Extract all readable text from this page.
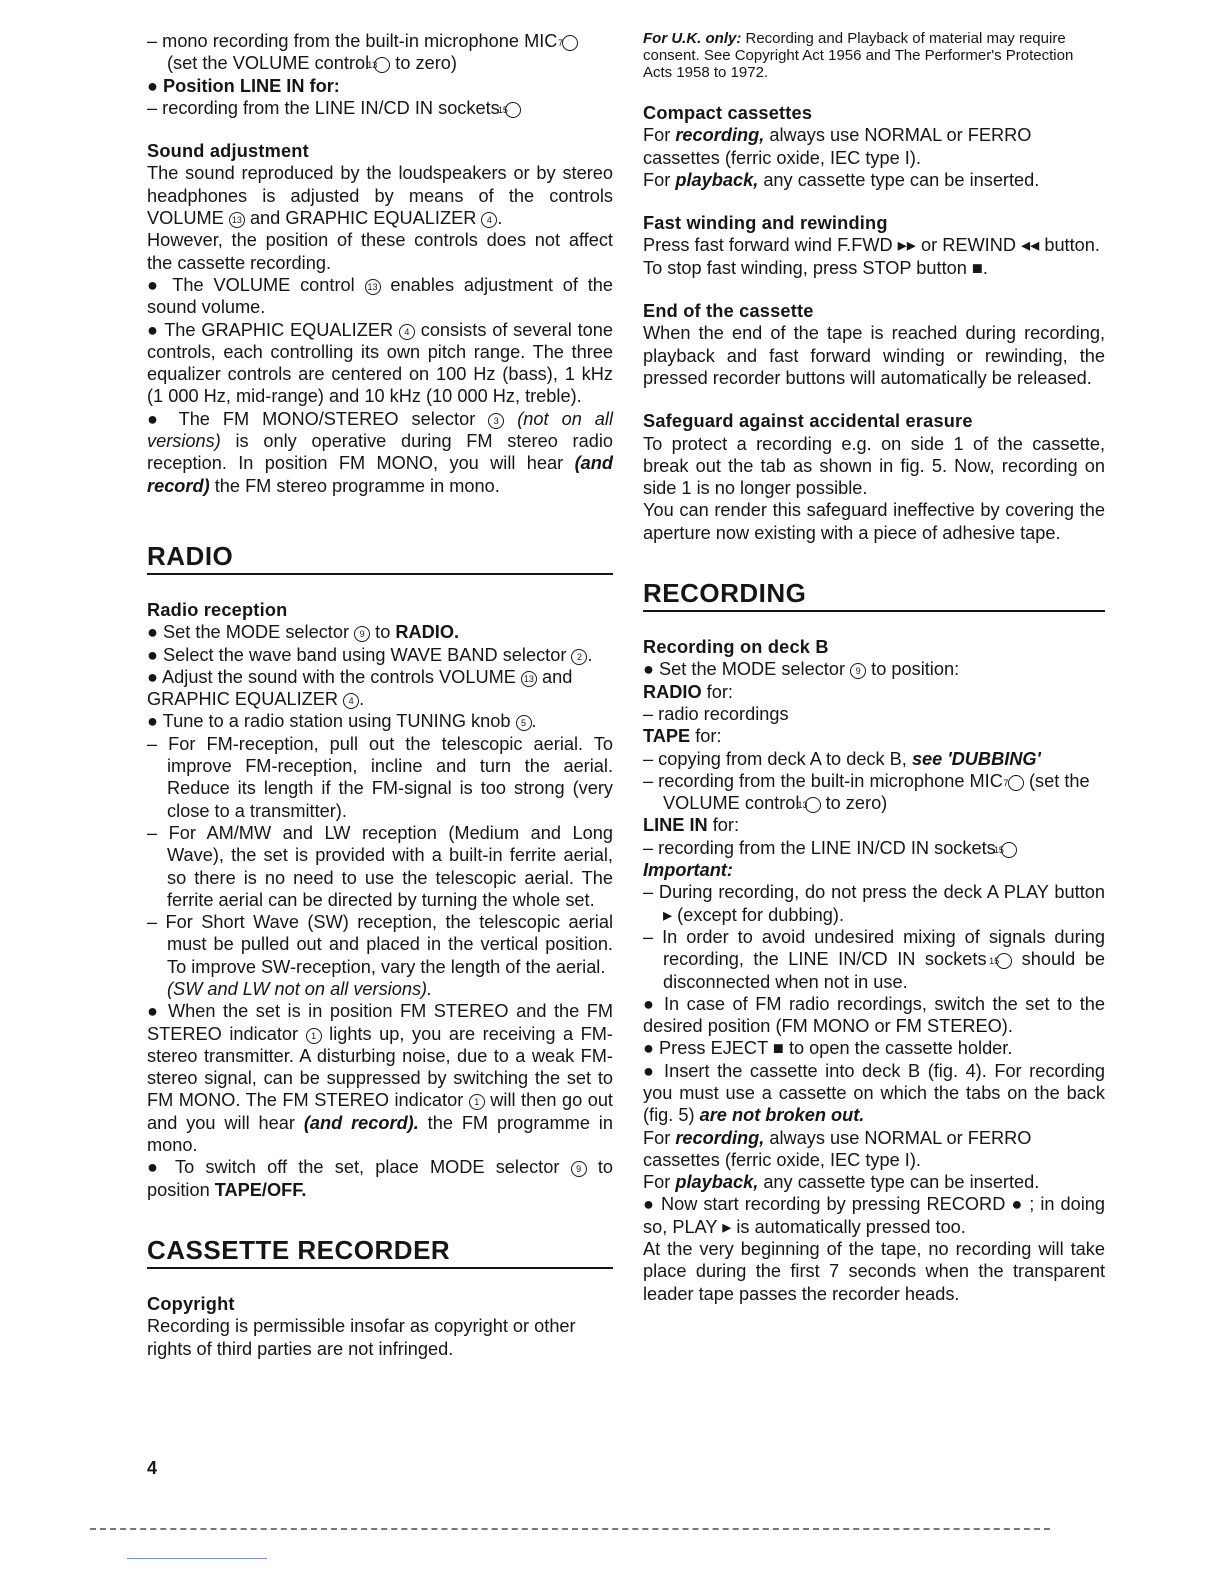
– mono recording from the built-in microphone MIC 7
(set the VOLUME control 13 to zero)

● Position LINE IN for:

– recording from the LINE IN/CD IN sockets 15

Sound adjustment

The sound reproduced by the loudspeakers or by stereo headphones is adjusted by means of the controls VOLUME 13 and GRAPHIC EQUALIZER 4 .

However, the position of these controls does not affect the cassette recording.

● The VOLUME control 13 enables adjustment of the sound volume.

● The GRAPHIC EQUALIZER 4 consists of several tone controls, each controlling its own pitch range. The three equalizer controls are centered on 100 Hz (bass), 1 kHz (1 000 Hz, mid-range) and 10 kHz (10 000 Hz, treble).

● The FM MONO/STEREO selector 3 (not on all versions) is only operative during FM stereo radio reception. In position FM MONO, you will hear (and record) the FM stereo programme in mono.

RADIO

Radio reception

● Set the MODE selector 9 to RADIO.

● Select the wave band using WAVE BAND selector 2 .

● Adjust the sound with the controls VOLUME 13 and GRAPHIC EQUALIZER 4 .

● Tune to a radio station using TUNING knob 5 .

– For FM-reception, pull out the telescopic aerial. To improve FM-reception, incline and turn the aerial. Reduce its length if the FM-signal is too strong (very close to a transmitter).

– For AM/MW and LW reception (Medium and Long Wave), the set is provided with a built-in ferrite aerial, so there is no need to use the telescopic aerial. The ferrite aerial can be directed by turning the whole set.

– For Short Wave (SW) reception, the telescopic aerial must be pulled out and placed in the vertical position. To improve SW-reception, vary the length of the aerial.

(SW and LW not on all versions).

● When the set is in position FM STEREO and the FM STEREO indicator 1 lights up, you are receiving a FM-stereo transmitter. A disturbing noise, due to a weak FM-stereo signal, can be suppressed by switching the set to FM MONO. The FM STEREO indicator 1 will then go out and you will hear (and record). the FM programme in mono.

● To switch off the set, place MODE selector 9 to position TAPE/OFF.

CASSETTE RECORDER

Copyright

Recording is permissible insofar as copyright or other rights of third parties are not infringed.

For U.K. only: Recording and Playback of material may require consent. See Copyright Act 1956 and The Performer's Protection Acts 1958 to 1972.

Compact cassettes

For recording, always use NORMAL or FERRO cassettes (ferric oxide, IEC type I).

For playback, any cassette type can be inserted.

Fast winding and rewinding

Press fast forward wind F.FWD ▸▸ or REWIND ◂◂ button.

To stop fast winding, press STOP button ■.

End of the cassette

When the end of the tape is reached during recording, playback and fast forward winding or rewinding, the pressed recorder buttons will automatically be released.

Safeguard against accidental erasure

To protect a recording e.g. on side 1 of the cassette, break out the tab as shown in fig. 5. Now, recording on side 1 is no longer possible.

You can render this safeguard ineffective by covering the aperture now existing with a piece of adhesive tape.

RECORDING

Recording on deck B

● Set the MODE selector 9 to position:

RADIO for:

– radio recordings

TAPE for:

– copying from deck A to deck B, see 'DUBBING'

– recording from the built-in microphone MIC 7 (set the VOLUME control 13 to zero)

LINE IN for:

– recording from the LINE IN/CD IN sockets 15

Important:

– During recording, do not press the deck A PLAY button ▸ (except for dubbing).

– In order to avoid undesired mixing of signals during recording, the LINE IN/CD IN sockets 15 should be disconnected when not in use.

● In case of FM radio recordings, switch the set to the desired position (FM MONO or FM STEREO).

● Press EJECT ■ to open the cassette holder.

● Insert the cassette into deck B (fig. 4). For recording you must use a cassette on which the tabs on the back (fig. 5) are not broken out.

For recording, always use NORMAL or FERRO cassettes (ferric oxide, IEC type I).

For playback, any cassette type can be inserted.

● Now start recording by pressing RECORD ● ; in doing so, PLAY ▸ is automatically pressed too.

At the very beginning of the tape, no recording will take place during the first 7 seconds when the transparent leader tape passes the recorder heads.

4
